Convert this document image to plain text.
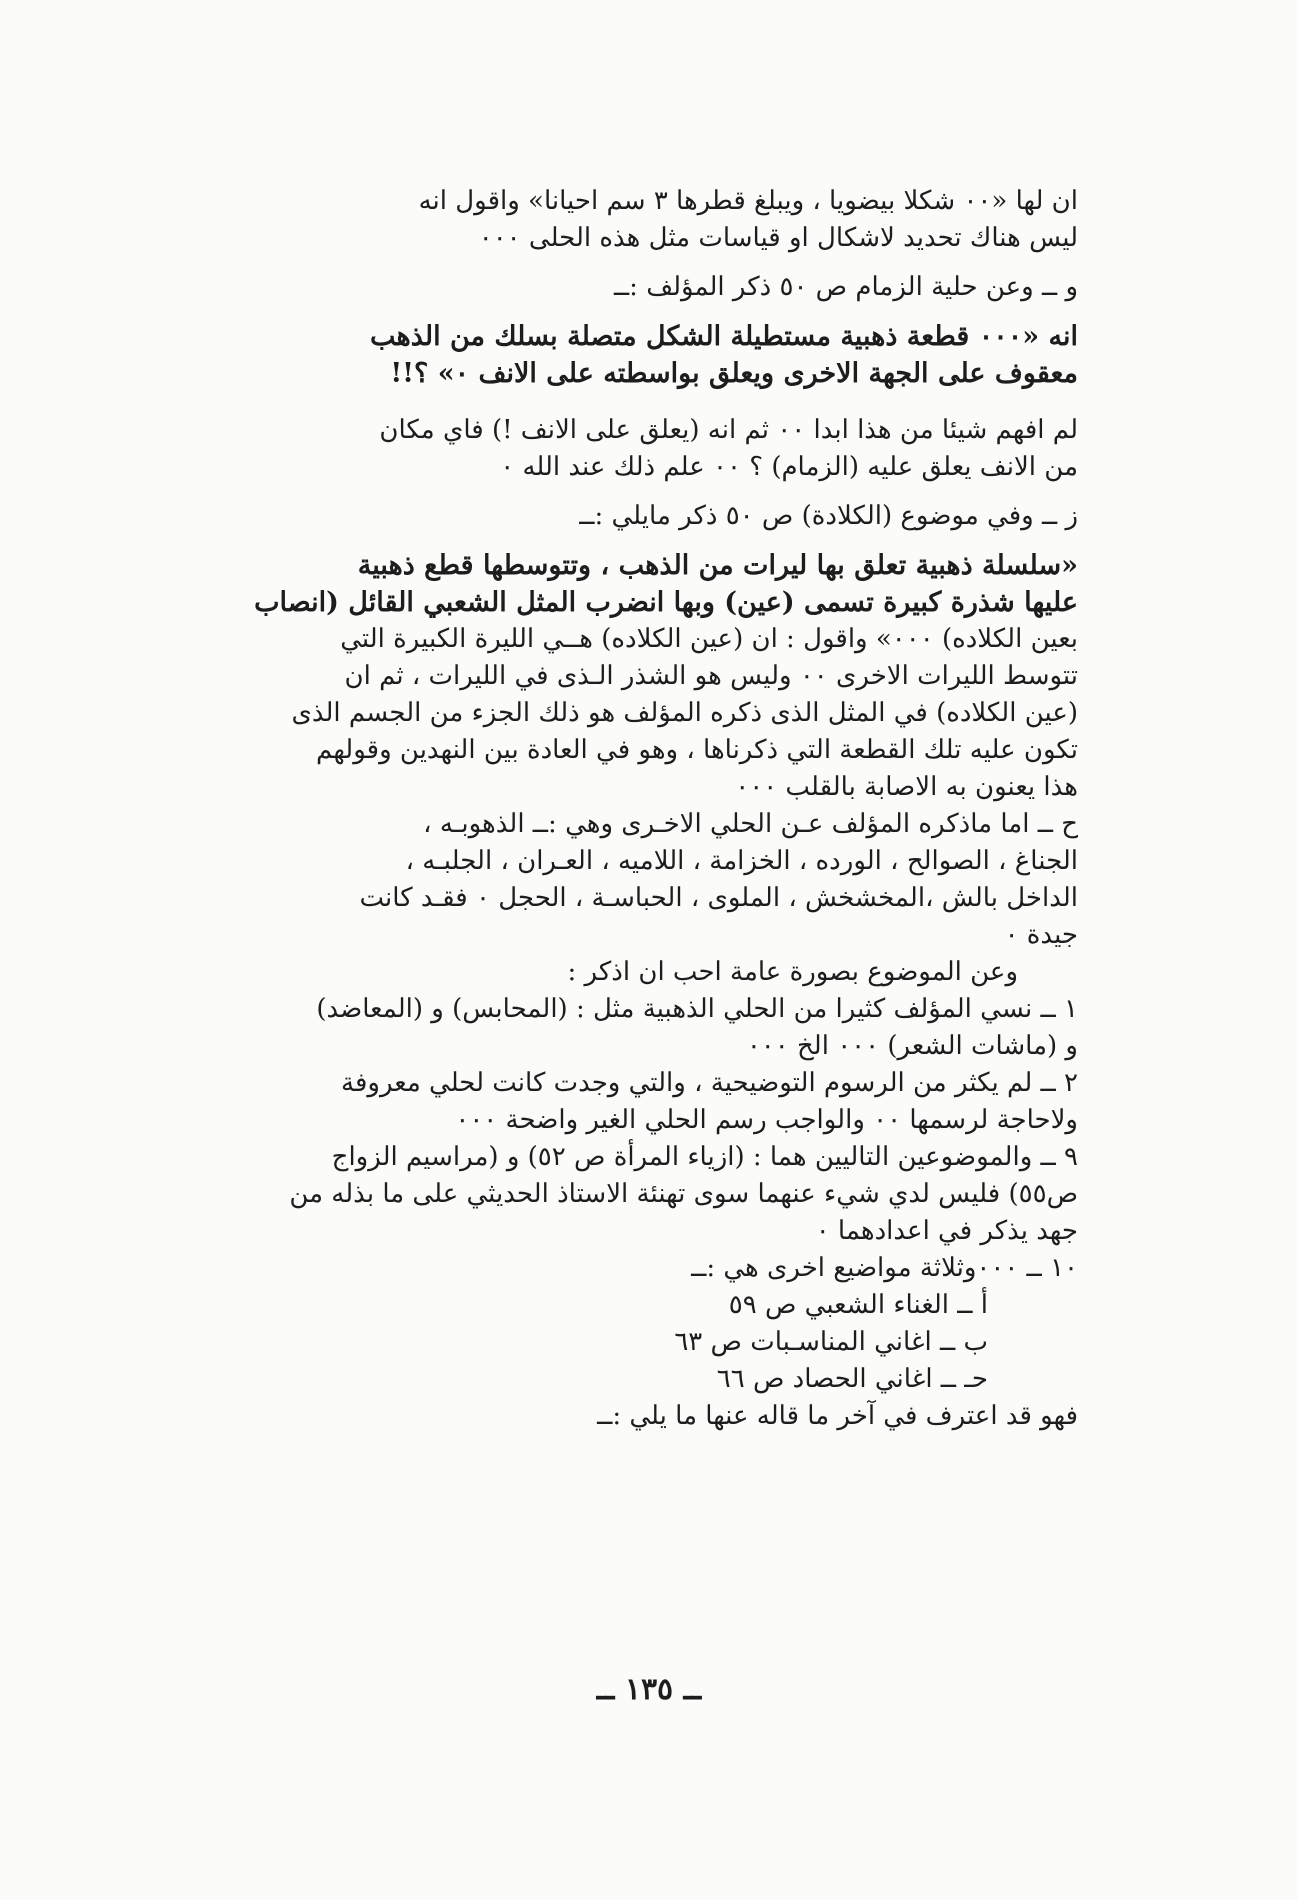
ان لها «٠٠ شكلا بيضويا ، ويبلغ قطرها ٣ سم احيانا» واقول انه
ليس هناك تحديد لاشكال او قياسات مثل هذه الحلى ٠٠٠
و ــ وعن حلية الزمام ص ٥٠ ذكر المؤلف :ــ
انه «٠٠٠ قطعة ذهبية مستطيلة الشكل متصلة بسلك من الذهب
معقوف على الجهة الاخرى ويعلق بواسطته على الانف ٠» ؟!!
لم افهم شيئا من هذا ابدا ٠٠ ثم انه (يعلق على الانف !) فاي مكان
من الانف يعلق عليه (الزمام) ؟ ٠٠ علم ذلك عند الله ٠
ز ــ وفي موضوع (الكلادة) ص ٥٠ ذكر مايلي :ــ
«سلسلة ذهبية تعلق بها ليرات من الذهب ، وتتوسطها قطع ذهبية
عليها شذرة كبيرة تسمى (عين) وبها انضرب المثل الشعبي القائل (انصاب
بعين الكلاده) ٠٠٠» واقول : ان (عين الكلاده) هــي الليرة الكبيرة التي
تتوسط الليرات الاخرى ٠٠ وليس هو الشذر الـذى في الليرات ، ثم ان
(عين الكلاده) في المثل الذى ذكره المؤلف هو ذلك الجزء من الجسم الذى
تكون عليه تلك القطعة التي ذكرناها ، وهو في العادة بين النهدين وقولهم
هذا يعنون به الاصابة بالقلب ٠٠٠
ح ــ اما ماذكره المؤلف عـن الحلي الاخـرى وهي :ــ الذهوبـه ،
الجناغ ، الصوالح ، الورده ، الخزامة ، اللاميه ، العـران ، الجلبـه ،
الداخل بالش ،المخشخش ، الملوى ، الحباسـة ، الحجل ٠ فقـد كانت
جيدة ٠
وعن الموضوع بصورة عامة احب ان اذكر :
١ ــ نسي المؤلف كثيرا من الحلي الذهبية مثل : (المحابس) و (المعاضد)
و (ماشات الشعر) ٠٠٠ الخ ٠٠٠
٢ ــ لم يكثر من الرسوم التوضيحية ، والتي وجدت كانت لحلي معروفة
ولاحاجة لرسمها ٠٠ والواجب رسم الحلي الغير واضحة ٠٠٠
٩ ــ والموضوعين التاليين هما : (ازياء المرأة ص ٥٢) و (مراسيم الزواج
ص٥٥) فليس لدي شيء عنهما سوى تهنئة الاستاذ الحديثي على ما بذله من
جهد يذكر في اعدادهما ٠
١٠ ــ ٠٠٠وثلاثة مواضيع اخرى هي :ــ
أ ــ الغناء الشعبي ص ٥٩
ب ــ اغاني المناسـبات ص ٦٣
حـ ــ اغاني الحصاد ص ٦٦
فهو قد اعترف في آخر ما قاله عنها ما يلي :ــ
ــ ١٣٥ ــ
